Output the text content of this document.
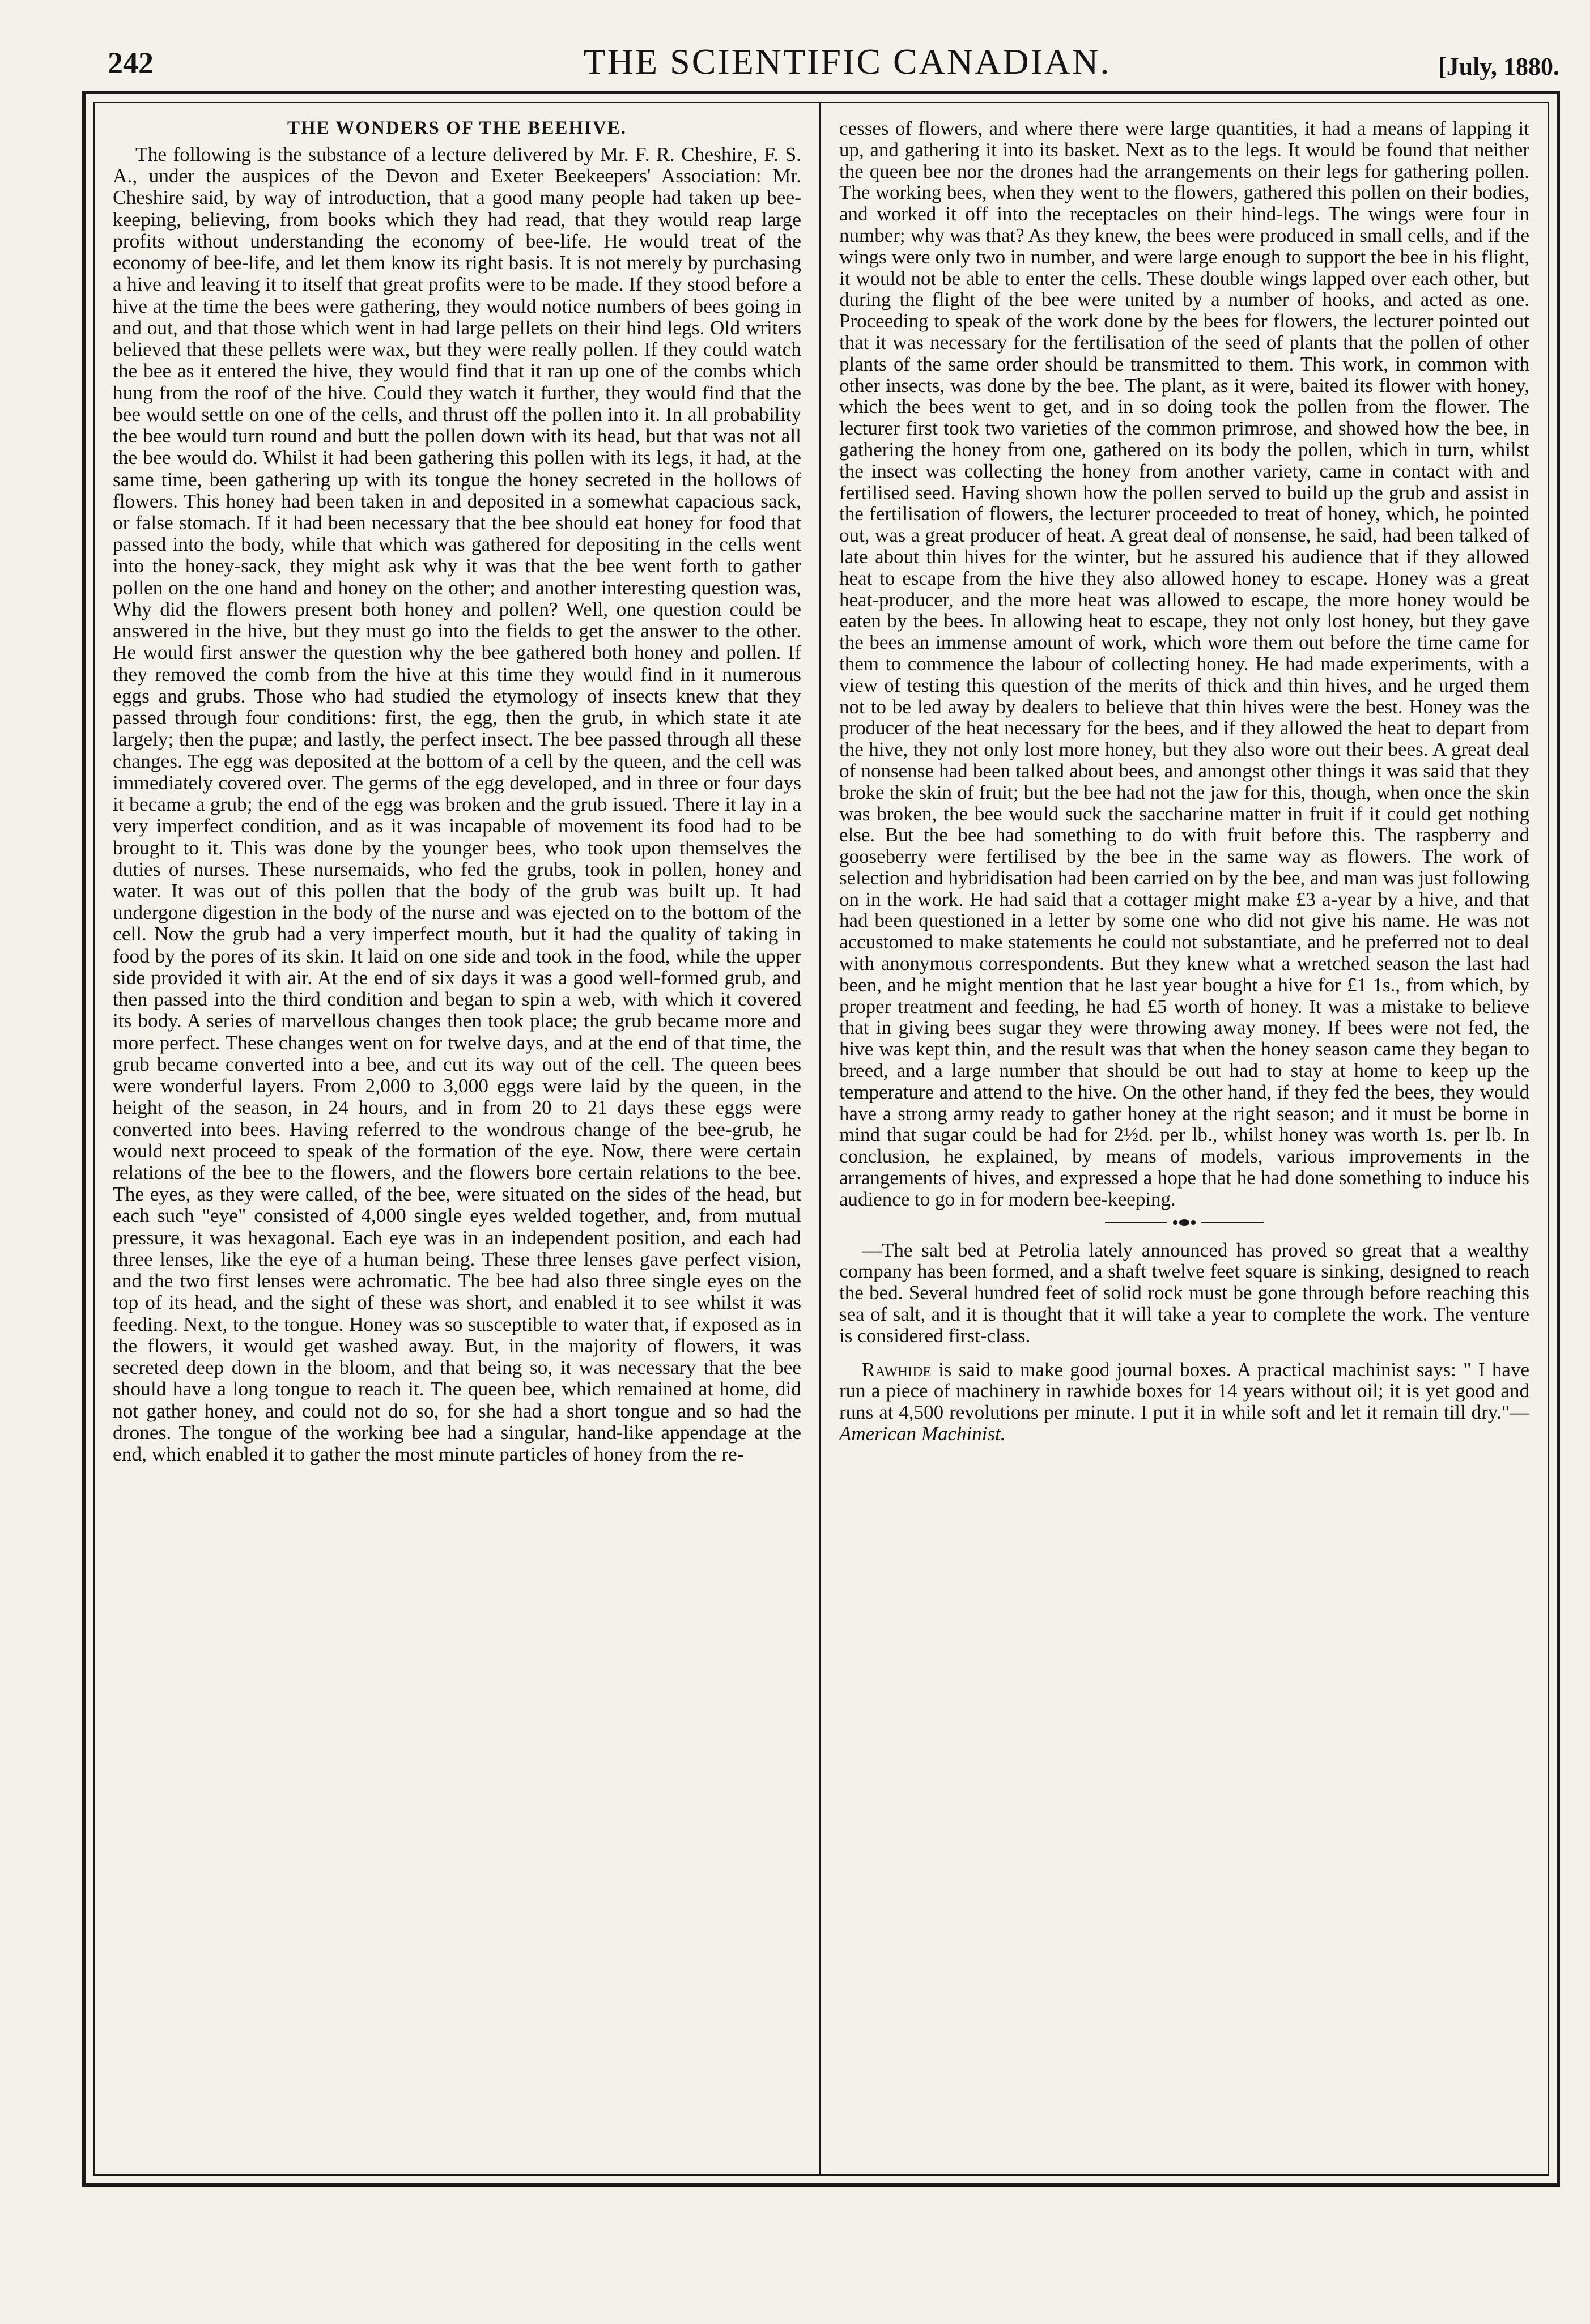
242	THE SCIENTIFIC CANADIAN.	[July, 1880.
THE WONDERS OF THE BEEHIVE.

The following is the substance of a lecture delivered by Mr. F. R. Cheshire, F. S. A., under the auspices of the Devon and Exeter Beekeepers' Association: Mr. Cheshire said, by way of introduction, that a good many people had taken up bee-keeping, believing, from books which they had read, that they would reap large profits without understanding the economy of bee-life. He would treat of the economy of bee-life, and let them know its right basis. It is not merely by purchasing a hive and leaving it to itself that great profits were to be made. If they stood before a hive at the time the bees were gathering, they would notice numbers of bees going in and out, and that those which went in had large pellets on their hind legs. Old writers believed that these pellets were wax, but they were really pollen. If they could watch the bee as it entered the hive, they would find that it ran up one of the combs which hung from the roof of the hive. Could they watch it further, they would find that the bee would settle on one of the cells, and thrust off the pollen into it. In all probability the bee would turn round and butt the pollen down with its head, but that was not all the bee would do. Whilst it had been gathering this pollen with its legs, it had, at the same time, been gathering up with its tongue the honey secreted in the hollows of flowers. This honey had been taken in and deposited in a somewhat capacious sack, or false stomach. If it had been necessary that the bee should eat honey for food that passed into the body, while that which was gathered for depositing in the cells went into the honey-sack, they might ask why it was that the bee went forth to gather pollen on the one hand and honey on the other; and another interesting question was, Why did the flowers present both honey and pollen? Well, one question could be answered in the hive, but they must go into the fields to get the answer to the other. He would first answer the question why the bee gathered both honey and pollen. If they removed the comb from the hive at this time they would find in it numerous eggs and grubs. Those who had studied the etymology of insects knew that they passed through four conditions: first, the egg, then the grub, in which state it ate largely; then the pupæ; and lastly, the perfect insect. The bee passed through all these changes. The egg was deposited at the bottom of a cell by the queen, and the cell was immediately covered over. The germs of the egg developed, and in three or four days it became a grub; the end of the egg was broken and the grub issued. There it lay in a very imperfect condition, and as it was incapable of movement its food had to be brought to it. This was done by the younger bees, who took upon themselves the duties of nurses. These nursemaids, who fed the grubs, took in pollen, honey and water. It was out of this pollen that the body of the grub was built up. It had undergone digestion in the body of the nurse and was ejected on to the bottom of the cell. Now the grub had a very imperfect mouth, but it had the quality of taking in food by the pores of its skin. It laid on one side and took in the food, while the upper side provided it with air. At the end of six days it was a good well-formed grub, and then passed into the third condition and began to spin a web, with which it covered its body. A series of marvellous changes then took place; the grub became more and more perfect. These changes went on for twelve days, and at the end of that time, the grub became converted into a bee, and cut its way out of the cell. The queen bees were wonderful layers. From 2,000 to 3,000 eggs were laid by the queen, in the height of the season, in 24 hours, and in from 20 to 21 days these eggs were converted into bees. Having referred to the wondrous change of the bee-grub, he would next proceed to speak of the formation of the eye. Now, there were certain relations of the bee to the flowers, and the flowers bore certain relations to the bee. The eyes, as they were called, of the bee, were situated on the sides of the head, but each such "eye" consisted of 4,000 single eyes welded together, and, from mutual pressure, it was hexagonal. Each eye was in an independent position, and each had three lenses, like the eye of a human being. These three lenses gave perfect vision, and the two first lenses were achromatic. The bee had also three single eyes on the top of its head, and the sight of these was short, and enabled it to see whilst it was feeding. Next, to the tongue. Honey was so susceptible to water that, if exposed as in the flowers, it would get washed away. But, in the majority of flowers, it was secreted deep down in the bloom, and that being so, it was necessary that the bee should have a long tongue to reach it. The queen bee, which remained at home, did not gather honey, and could not do so, for she had a short tongue and so had the drones. The tongue of the working bee had a singular, hand-like appendage at the end, which enabled it to gather the most minute particles of honey from the re-

cesses of flowers, and where there were large quantities, it had a means of lapping it up, and gathering it into its basket. Next as to the legs. It would be found that neither the queen bee nor the drones had the arrangements on their legs for gathering pollen. The working bees, when they went to the flowers, gathered this pollen on their bodies, and worked it off into the receptacles on their hind-legs. The wings were four in number; why was that? As they knew, the bees were produced in small cells, and if the wings were only two in number, and were large enough to support the bee in his flight, it would not be able to enter the cells. These double wings lapped over each other, but during the flight of the bee were united by a number of hooks, and acted as one. Proceeding to speak of the work done by the bees for flowers, the lecturer pointed out that it was necessary for the fertilisation of the seed of plants that the pollen of other plants of the same order should be transmitted to them. This work, in common with other insects, was done by the bee. The plant, as it were, baited its flower with honey, which the bees went to get, and in so doing took the pollen from the flower. The lecturer first took two varieties of the common primrose, and showed how the bee, in gathering the honey from one, gathered on its body the pollen, which in turn, whilst the insect was collecting the honey from another variety, came in contact with and fertilised seed. Having shown how the pollen served to build up the grub and assist in the fertilisation of flowers, the lecturer proceeded to treat of honey, which, he pointed out, was a great producer of heat. A great deal of nonsense, he said, had been talked of late about thin hives for the winter, but he assured his audience that if they allowed heat to escape from the hive they also allowed honey to escape. Honey was a great heat-producer, and the more heat was allowed to escape, the more honey would be eaten by the bees. In allowing heat to escape, they not only lost honey, but they gave the bees an immense amount of work, which wore them out before the time came for them to commence the labour of collecting honey. He had made experiments, with a view of testing this question of the merits of thick and thin hives, and he urged them not to be led away by dealers to believe that thin hives were the best. Honey was the producer of the heat necessary for the bees, and if they allowed the heat to depart from the hive, they not only lost more honey, but they also wore out their bees. A great deal of nonsense had been talked about bees, and amongst other things it was said that they broke the skin of fruit; but the bee had not the jaw for this, though, when once the skin was broken, the bee would suck the saccharine matter in fruit if it could get nothing else. But the bee had something to do with fruit before this. The raspberry and gooseberry were fertilised by the bee in the same way as flowers. The work of selection and hybridisation had been carried on by the bee, and man was just following on in the work. He had said that a cottager might make £3 a-year by a hive, and that had been questioned in a letter by some one who did not give his name. He was not accustomed to make statements he could not substantiate, and he preferred not to deal with anonymous correspondents. But they knew what a wretched season the last had been, and he might mention that he last year bought a hive for £1 1s., from which, by proper treatment and feeding, he had £5 worth of honey. It was a mistake to believe that in giving bees sugar they were throwing away money. If bees were not fed, the hive was kept thin, and the result was that when the honey season came they began to breed, and a large number that should be out had to stay at home to keep up the temperature and attend to the hive. On the other hand, if they fed the bees, they would have a strong army ready to gather honey at the right season; and it must be borne in mind that sugar could be had for 2½d. per lb., whilst honey was worth 1s. per lb. In conclusion, he explained, by means of models, various improvements in the arrangements of hives, and expressed a hope that he had done something to induce his audience to go in for modern bee-keeping.

—The salt bed at Petrolia lately announced has proved so great that a wealthy company has been formed, and a shaft twelve feet square is sinking, designed to reach the bed. Several hundred feet of solid rock must be gone through before reaching this sea of salt, and it is thought that it will take a year to complete the work. The venture is considered first-class.

Rawhide is said to make good journal boxes. A practical machinist says: " I have run a piece of machinery in rawhide boxes for 14 years without oil; it is yet good and runs at 4,500 revolutions per minute. I put it in while soft and let it remain till dry."—American Machinist.
